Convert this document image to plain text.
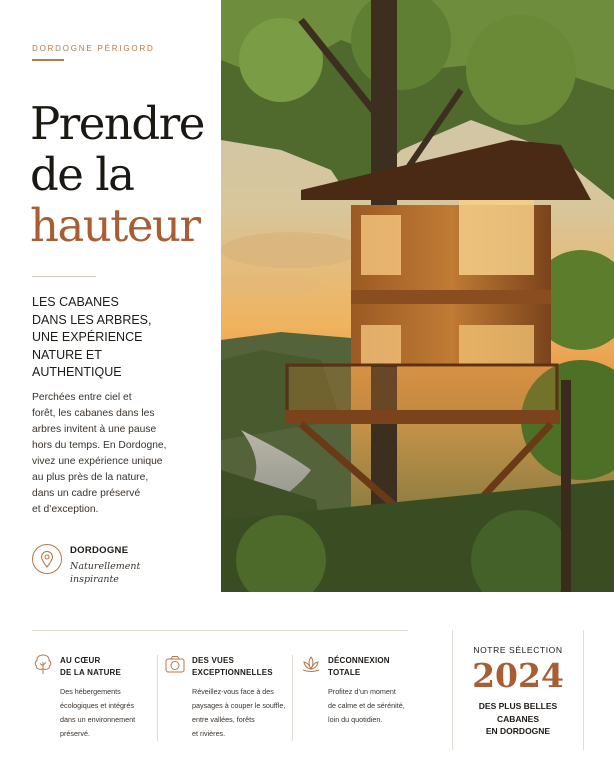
DORDOGNE PÉRIGORD
Prendre
de la
hauteur
LES CABANES
DANS LES ARBRES,
UNE EXPÉRIENCE
NATURE ET
AUTHENTIQUE
Perchées entre ciel et
forêt, les cabanes dans les
arbres invitent à une pause
hors du temps. En Dordogne,
vivez une expérience unique
au plus près de la nature,
dans un cadre préservé
et d’exception.
DORDOGNE
Naturellement
inspirante
AU CŒUR
DE LA NATURE
Des hébergements
écologiques et intégrés
dans un environnement
préservé.
DES VUES
EXCEPTIONNELLES
Réveillez-vous face à des
paysages à couper le souffle,
entre vallées, forêts
et rivières.
DÉCONNEXION
TOTALE
Profitez d’un moment
de calme et de sérénité,
loin du quotidien.
NOTRE SÉLECTION
2024
DES PLUS BELLES
CABANES
EN DORDOGNE
